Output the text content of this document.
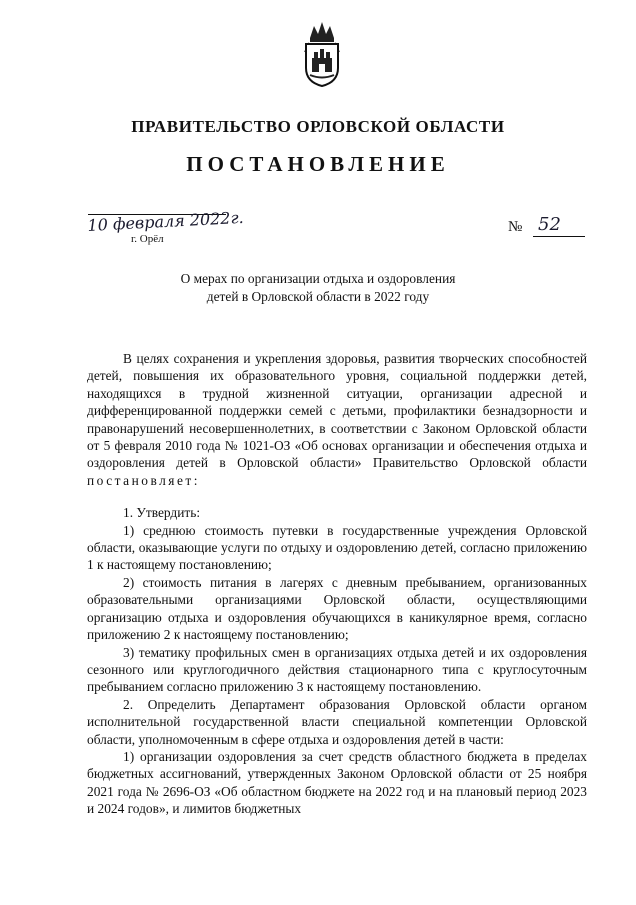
ПРАВИТЕЛЬСТВО ОРЛОВСКОЙ ОБЛАСТИ
ПОСТАНОВЛЕНИЕ
10 февраля 2022г.
г. Орёл
№ 52
О мерах по организации отдыха и оздоровления
детей в Орловской области в 2022 году

В целях сохранения и укрепления здоровья, развития творческих способностей детей, повышения их образовательного уровня, социальной поддержки детей, находящихся в трудной жизненной ситуации, организации адресной и дифференцированной поддержки семей с детьми, профилактики безнадзорности и правонарушений несовершеннолетних, в соответствии с Законом Орловской области от 5 февраля 2010 года № 1021-ОЗ «Об основах организации и обеспечения отдыха и оздоровления детей в Орловской области» Правительство Орловской области постановляет:

1. Утвердить:

1) среднюю стоимость путевки в государственные учреждения Орловской области, оказывающие услуги по отдыху и оздоровлению детей, согласно приложению 1 к настоящему постановлению;

2) стоимость питания в лагерях с дневным пребыванием, организованных образовательными организациями Орловской области, осуществляющими организацию отдыха и оздоровления обучающихся в каникулярное время, согласно приложению 2 к настоящему постановлению;

3) тематику профильных смен в организациях отдыха детей и их оздоровления сезонного или круглогодичного действия стационарного типа с круглосуточным пребыванием согласно приложению 3 к настоящему постановлению.

2. Определить Департамент образования Орловской области органом исполнительной государственной власти специальной компетенции Орловской области, уполномоченным в сфере отдыха и оздоровления детей в части:

1) организации оздоровления за счет средств областного бюджета в пределах бюджетных ассигнований, утвержденных Законом Орловской области от 25 ноября 2021 года № 2696-ОЗ «Об областном бюджете на 2022 год и на плановый период 2023 и 2024 годов», и лимитов бюджетных
